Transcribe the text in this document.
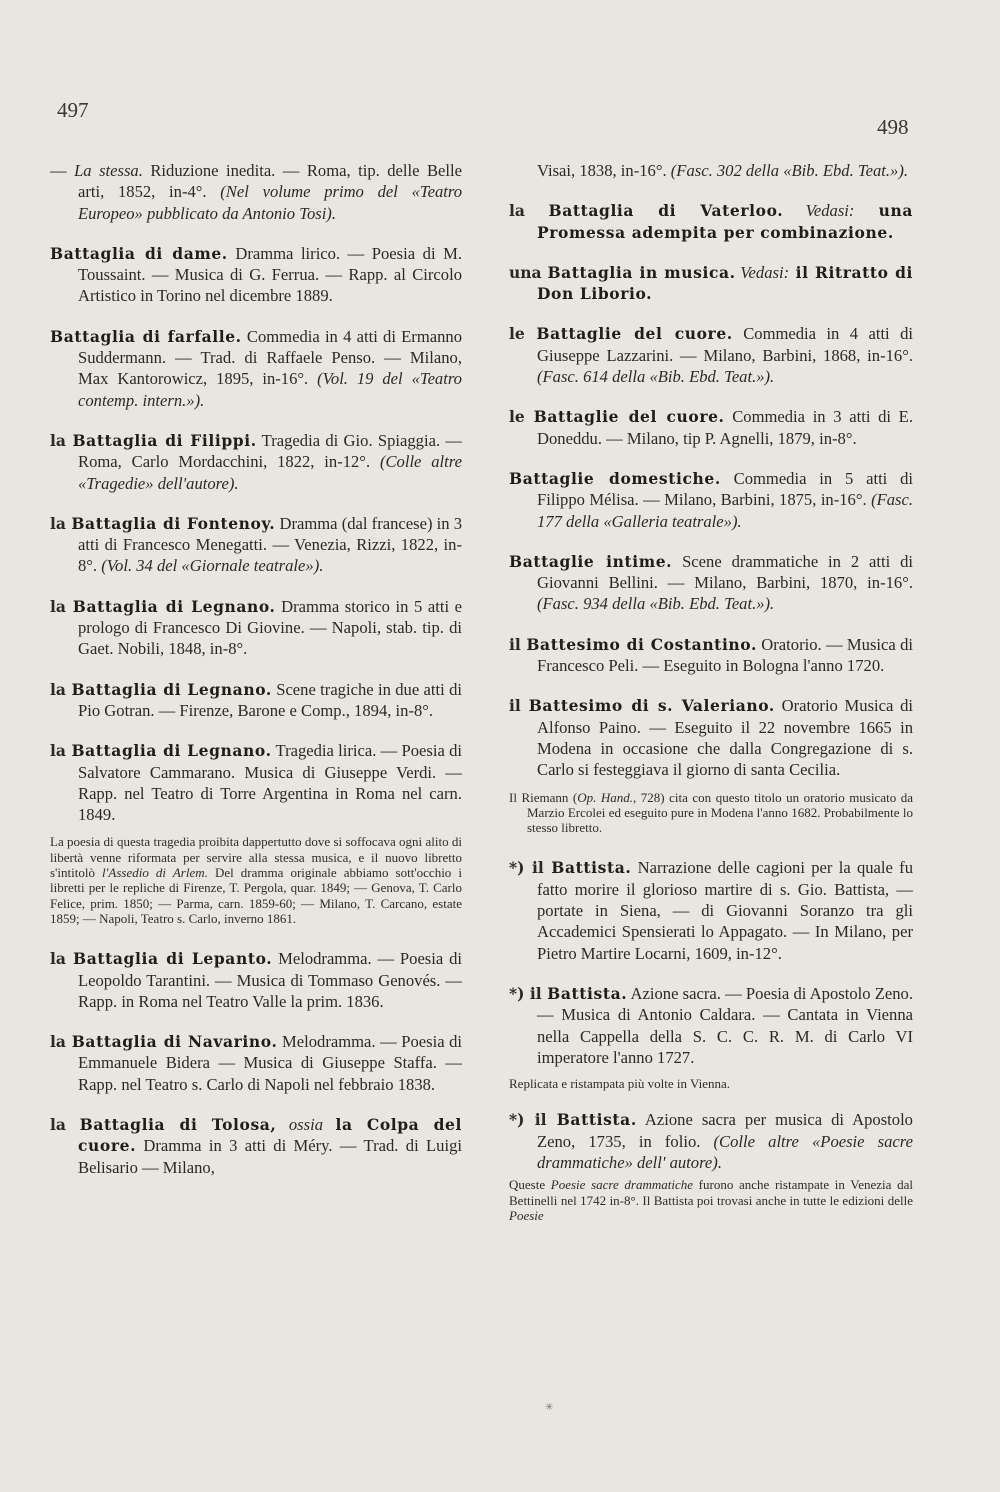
497
498

— La stessa. Riduzione inedita. — Roma, tip. delle Belle arti, 1852, in-4°. (Nel volume primo del «Teatro Europeo» pubblicato da Antonio Tosi).

Battaglia di dame. Dramma lirico. — Poesia di M. Toussaint. — Musica di G. Ferrua. — Rapp. al Circolo Artistico in Torino nel dicembre 1889.

Battaglia di farfalle. Commedia in 4 atti di Ermanno Suddermann. — Trad. di Raffaele Penso. — Milano, Max Kantorowicz, 1895, in-16°. (Vol. 19 del «Teatro contemp. intern.»).

la Battaglia di Filippi. Tragedia di Gio. Spiaggia. — Roma, Carlo Mordacchini, 1822, in-12°. (Colle altre «Tragedie» dell'autore).

la Battaglia di Fontenoy. Dramma (dal francese) in 3 atti di Francesco Menegatti. — Venezia, Rizzi, 1822, in-8°. (Vol. 34 del «Giornale teatrale»).

la Battaglia di Legnano. Dramma storico in 5 atti e prologo di Francesco Di Giovine. — Napoli, stab. tip. di Gaet. Nobili, 1848, in-8°.

la Battaglia di Legnano. Scene tragiche in due atti di Pio Gotran. — Firenze, Barone e Comp., 1894, in-8°.

la Battaglia di Legnano. Tragedia lirica. — Poesia di Salvatore Cammarano. Musica di Giuseppe Verdi. — Rapp. nel Teatro di Torre Argentina in Roma nel carn. 1849.

La poesia di questa tragedia proibita dappertutto dove si soffocava ogni alito di libertà venne riformata per servire alla stessa musica, e il nuovo libretto s'intitolò l'Assedio di Arlem. Del dramma originale abbiamo sott'occhio i libretti per le repliche di Firenze, T. Pergola, quar. 1849; — Genova, T. Carlo Felice, prim. 1850; — Parma, carn. 1859-60; — Milano, T. Carcano, estate 1859; — Napoli, Teatro s. Carlo, inverno 1861.

la Battaglia di Lepanto. Melodramma. — Poesia di Leopoldo Tarantini. — Musica di Tommaso Genovés. — Rapp. in Roma nel Teatro Valle la prim. 1836.

la Battaglia di Navarino. Melodramma. — Poesia di Emmanuele Bidera — Musica di Giuseppe Staffa. — Rapp. nel Teatro s. Carlo di Napoli nel febbraio 1838.

la Battaglia di Tolosa, ossia la Colpa del cuore. Dramma in 3 atti di Méry. — Trad. di Luigi Belisario — Milano,

Visai, 1838, in-16°. (Fasc. 302 della «Bib. Ebd. Teat.»).

la Battaglia di Vaterloo. Vedasi: una Promessa adempita per combinazione.

una Battaglia in musica. Vedasi: il Ritratto di Don Liborio.

le Battaglie del cuore. Commedia in 4 atti di Giuseppe Lazzarini. — Milano, Barbini, 1868, in-16°. (Fasc. 614 della «Bib. Ebd. Teat.»).

le Battaglie del cuore. Commedia in 3 atti di E. Doneddu. — Milano, tip P. Agnelli, 1879, in-8°.

Battaglie domestiche. Commedia in 5 atti di Filippo Mélisa. — Milano, Barbini, 1875, in-16°. (Fasc. 177 della «Galleria teatrale»).

Battaglie intime. Scene drammatiche in 2 atti di Giovanni Bellini. — Milano, Barbini, 1870, in-16°. (Fasc. 934 della «Bib. Ebd. Teat.»).

il Battesimo di Costantino. Oratorio. — Musica di Francesco Peli. — Eseguito in Bologna l'anno 1720.

il Battesimo di s. Valeriano. Oratorio Musica di Alfonso Paino. — Eseguito il 22 novembre 1665 in Modena in occasione che dalla Congregazione di s. Carlo si festeggiava il giorno di santa Cecilia.

Il Riemann (Op. Hand., 728) cita con questo titolo un oratorio musicato da Marzio Ercolei ed eseguito pure in Modena l'anno 1682. Probabilmente lo stesso libretto.

*) il Battista. Narrazione delle cagioni per la quale fu fatto morire il glorioso martire di s. Gio. Battista, — portate in Siena, — di Giovanni Soranzo tra gli Accademici Spensierati lo Appagato. — In Milano, per Pietro Martire Locarni, 1609, in-12°.

*) il Battista. Azione sacra. — Poesia di Apostolo Zeno. — Musica di Antonio Caldara. — Cantata in Vienna nella Cappella della S. C. C. R. M. di Carlo VI imperatore l'anno 1727.

Replicata e ristampata più volte in Vienna.

*) il Battista. Azione sacra per musica di Apostolo Zeno, 1735, in folio. (Colle altre «Poesie sacre drammatiche» dell' autore).

Queste Poesie sacre drammatiche furono anche ristampate in Venezia dal Bettinelli nel 1742 in-8°. Il Battista poi trovasi anche in tutte le edizioni delle Poesie

✳
